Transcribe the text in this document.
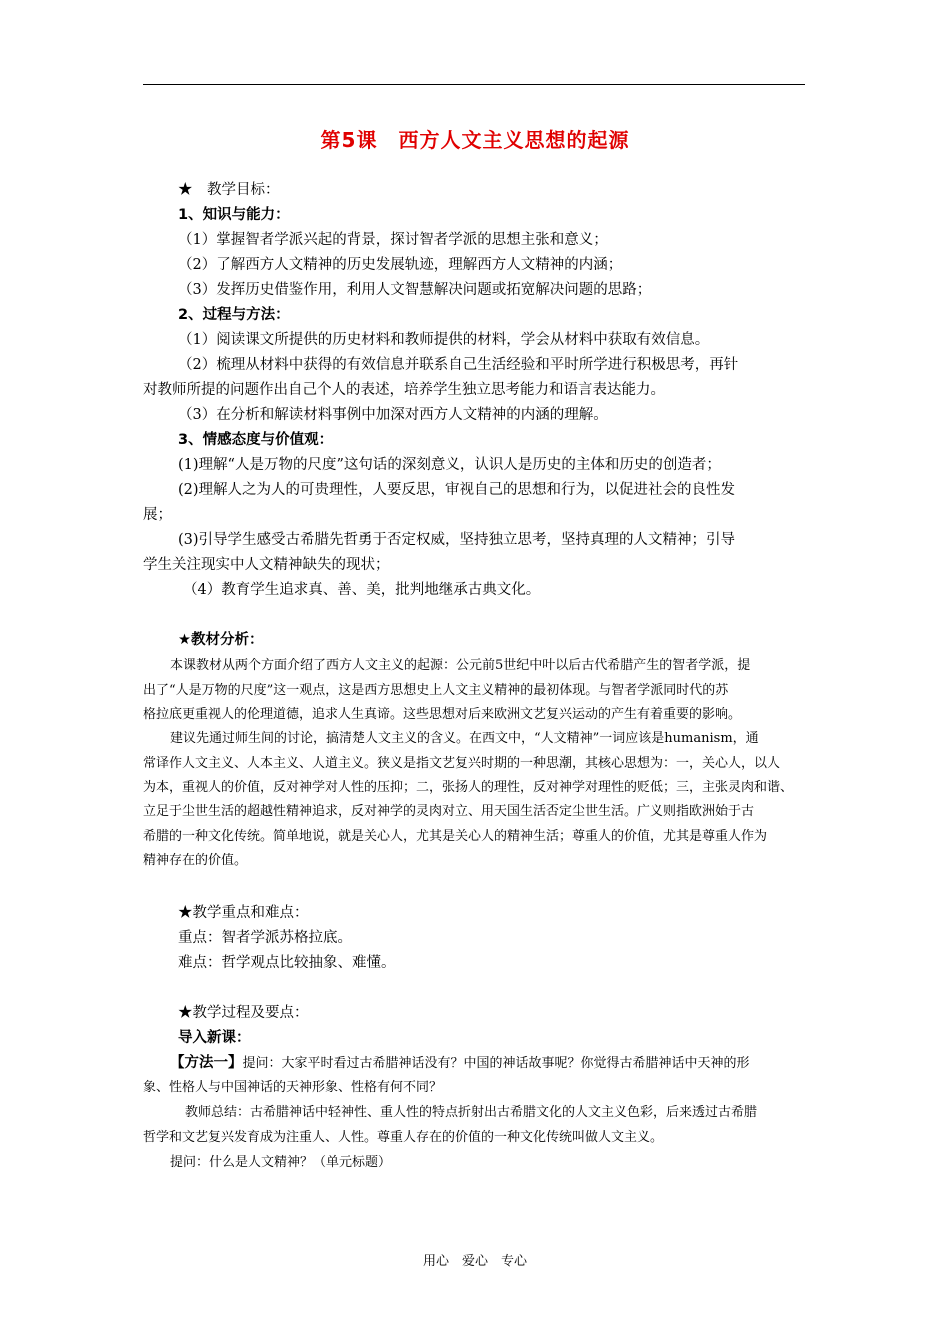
第5课　西方人文主义思想的起源
★　教学目标：
1、知识与能力：
（1）掌握智者学派兴起的背景，探讨智者学派的思想主张和意义；
（2）了解西方人文精神的历史发展轨迹，理解西方人文精神的内涵；
（3）发挥历史借鉴作用，利用人文智慧解决问题或拓宽解决问题的思路；
2、过程与方法：
（1）阅读课文所提供的历史材料和教师提供的材料，学会从材料中获取有效信息。
（2）梳理从材料中获得的有效信息并联系自己生活经验和平时所学进行积极思考，再针
对教师所提的问题作出自己个人的表述，培养学生独立思考能力和语言表达能力。
（3）在分析和解读材料事例中加深对西方人文精神的内涵的理解。
3、情感态度与价值观：
(1)理解“人是万物的尺度”这句话的深刻意义，认识人是历史的主体和历史的创造者；
(2)理解人之为人的可贵理性，人要反思，审视自己的思想和行为，以促进社会的良性发
展；
(3)引导学生感受古希腊先哲勇于否定权威，坚持独立思考，坚持真理的人文精神；引导
学生关注现实中人文精神缺失的现状；
（4）教育学生追求真、善、美，批判地继承古典文化。
★教材分析：
本课教材从两个方面介绍了西方人文主义的起源：公元前5世纪中叶以后古代希腊产生的智者学派，提
出了“人是万物的尺度”这一观点，这是西方思想史上人文主义精神的最初体现。与智者学派同时代的苏
格拉底更重视人的伦理道德，追求人生真谛。这些思想对后来欧洲文艺复兴运动的产生有着重要的影响。
建议先通过师生间的讨论，搞清楚人文主义的含义。在西文中，“人文精神”一词应该是humanism，通
常译作人文主义、人本主义、人道主义。狭义是指文艺复兴时期的一种思潮，其核心思想为：一，关心人，以人
为本，重视人的价值，反对神学对人性的压抑；二，张扬人的理性，反对神学对理性的贬低；三，主张灵肉和谐、
立足于尘世生活的超越性精神追求，反对神学的灵肉对立、用天国生活否定尘世生活。广义则指欧洲始于古
希腊的一种文化传统。简单地说，就是关心人，尤其是关心人的精神生活；尊重人的价值，尤其是尊重人作为
精神存在的价值。
★教学重点和难点：
重点：智者学派苏格拉底。
难点：哲学观点比较抽象、难懂。
★教学过程及要点：
导入新课：
【方法一】提问：大家平时看过古希腊神话没有？中国的神话故事呢？你觉得古希腊神话中天神的形
象、性格人与中国神话的天神形象、性格有何不同？
教师总结：古希腊神话中轻神性、重人性的特点折射出古希腊文化的人文主义色彩，后来透过古希腊
哲学和文艺复兴发育成为注重人、人性。尊重人存在的价值的一种文化传统叫做人文主义。
提问：什么是人文精神？（单元标题）
用心　爱心　专心
